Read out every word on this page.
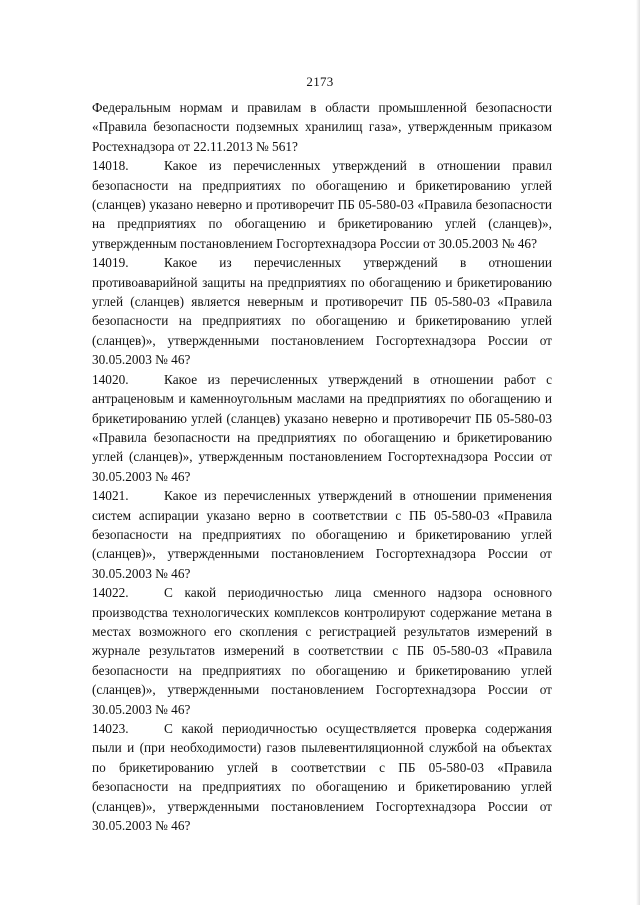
2173

Федеральным нормам и правилам в области промышленной безопасности «Правила безопасности подземных хранилищ газа», утвержденным приказом Ростехнадзора от 22.11.2013 № 561?

14018.	Какое из перечисленных утверждений в отношении правил безопасности на предприятиях по обогащению и брикетированию углей (сланцев) указано неверно и противоречит ПБ 05-580-03 «Правила безопасности на предприятиях по обогащению и брикетированию углей (сланцев)», утвержденным постановлением Госгортехнадзора России от 30.05.2003 № 46?

14019.	Какое из перечисленных утверждений в отношении противоаварийной защиты на предприятиях по обогащению и брикетированию углей (сланцев) является неверным и противоречит ПБ 05-580-03 «Правила безопасности на предприятиях по обогащению и брикетированию углей (сланцев)», утвержденными постановлением Госгортехнадзора России от 30.05.2003 № 46?

14020.	Какое из перечисленных утверждений в отношении работ с антраценовым и каменноугольным маслами на предприятиях по обогащению и брикетированию углей (сланцев) указано неверно и противоречит ПБ 05-580-03 «Правила безопасности на предприятиях по обогащению и брикетированию углей (сланцев)», утвержденным постановлением Госгортехнадзора России от 30.05.2003 № 46?

14021.	Какое из перечисленных утверждений в отношении применения систем аспирации указано верно в соответствии с ПБ 05-580-03 «Правила безопасности на предприятиях по обогащению и брикетированию углей (сланцев)», утвержденными постановлением Госгортехнадзора России от 30.05.2003 № 46?

14022.	С какой периодичностью лица сменного надзора основного производства технологических комплексов контролируют содержание метана в местах возможного его скопления с регистрацией результатов измерений в журнале результатов измерений в соответствии с ПБ 05-580-03 «Правила безопасности на предприятиях по обогащению и брикетированию углей (сланцев)», утвержденными постановлением Госгортехнадзора России от 30.05.2003 № 46?

14023.	С какой периодичностью осуществляется проверка содержания пыли и (при необходимости) газов пылевентиляционной службой на объектах по брикетированию углей в соответствии с ПБ 05-580-03 «Правила безопасности на предприятиях по обогащению и брикетированию углей (сланцев)», утвержденными постановлением Госгортехнадзора России от 30.05.2003 № 46?
